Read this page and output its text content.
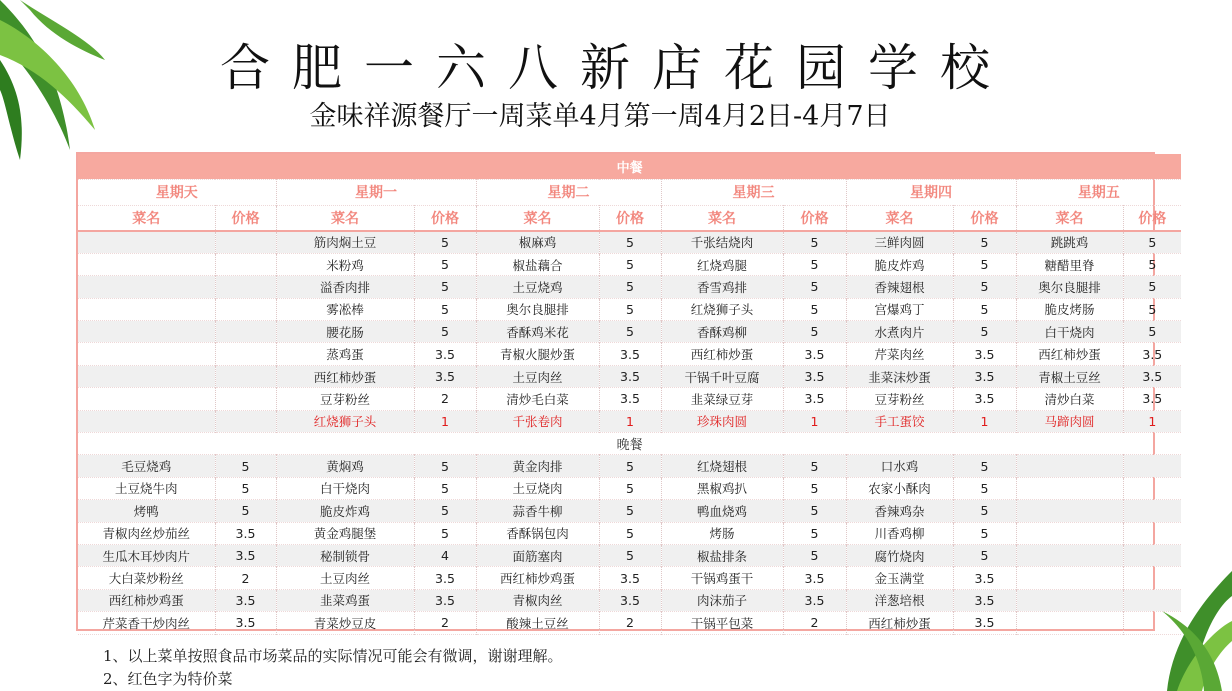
合肥一六八新店花园学校
金味祥源餐厅一周菜单4月第一周4月2日-4月7日
中餐											
星期天		星期一		星期二		星期三		星期四		星期五	
菜名	价格	菜名	价格	菜名	价格	菜名	价格	菜名	价格	菜名	价格
		筋肉焖土豆	5	椒麻鸡	5	千张结烧肉	5	三鲜肉圆	5	跳跳鸡	5
		米粉鸡	5	椒盐藕合	5	红烧鸡腿	5	脆皮炸鸡	5	糖醋里脊	5
		溢香肉排	5	土豆烧鸡	5	香雪鸡排	5	香辣翅根	5	奥尔良腿排	5
		雾凇棒	5	奥尔良腿排	5	红烧狮子头	5	宫爆鸡丁	5	脆皮烤肠	5
		腰花肠	5	香酥鸡米花	5	香酥鸡柳	5	水煮肉片	5	白干烧肉	5
		蒸鸡蛋	3.5	青椒火腿炒蛋	3.5	西红柿炒蛋	3.5	芹菜肉丝	3.5	西红柿炒蛋	3.5
		西红柿炒蛋	3.5	土豆肉丝	3.5	干锅千叶豆腐	3.5	韭菜沫炒蛋	3.5	青椒土豆丝	3.5
		豆芽粉丝	2	清炒毛白菜	3.5	韭菜绿豆芽	3.5	豆芽粉丝	3.5	清炒白菜	3.5
		红烧狮子头	1	千张卷肉	1	珍珠肉圆	1	手工蛋饺	1	马蹄肉圆	1
晚餐											
毛豆烧鸡	5	黄焖鸡	5	黄金肉排	5	红烧翅根	5	口水鸡	5		
土豆烧牛肉	5	白干烧肉	5	土豆烧肉	5	黑椒鸡扒	5	农家小酥肉	5		
烤鸭	5	脆皮炸鸡	5	蒜香牛柳	5	鸭血烧鸡	5	香辣鸡杂	5		
青椒肉丝炒茄丝	3.5	黄金鸡腿堡	5	香酥锅包肉	5	烤肠	5	川香鸡柳	5		
生瓜木耳炒肉片	3.5	秘制锁骨	4	面筋塞肉	5	椒盐排条	5	腐竹烧肉	5		
大白菜炒粉丝	2	土豆肉丝	3.5	西红柿炒鸡蛋	3.5	干锅鸡蛋干	3.5	金玉满堂	3.5		
西红柿炒鸡蛋	3.5	韭菜鸡蛋	3.5	青椒肉丝	3.5	肉沫茄子	3.5	洋葱培根	3.5		
芹菜香干炒肉丝	3.5	青菜炒豆皮	2	酸辣土豆丝	2	干锅平包菜	2	西红柿炒蛋	3.5		
1、以上菜单按照食品市场菜品的实际情况可能会有微调，谢谢理解。
2、红色字为特价菜
